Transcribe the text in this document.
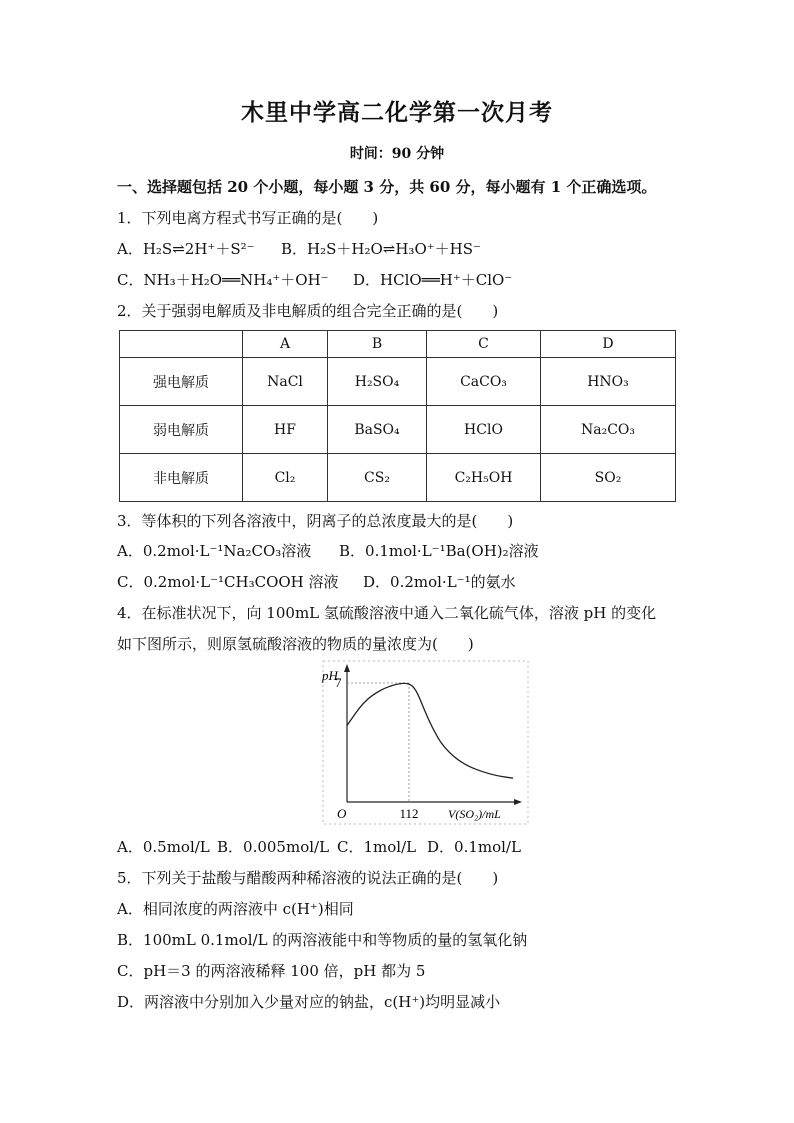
木里中学高二化学第一次月考
时间：90 分钟
一、选择题包括 20 个小题，每小题 3 分，共 60 分，每小题有 1 个正确选项。
1．下列电离方程式书写正确的是(　　)
A．H₂S⇌2H⁺＋S²⁻ B．H₂S＋H₂O⇌H₃O⁺＋HS⁻
C．NH₃＋H₂O══NH₄⁺＋OH⁻ D．HClO══H⁺＋ClO⁻
2．关于强弱电解质及非电解质的组合完全正确的是(　　)
	A	B	C	D
强电解质	NaCl	H₂SO₄	CaCO₃	HNO₃
弱电解质	HF	BaSO₄	HClO	Na₂CO₃
非电解质	Cl₂	CS₂	C₂H₅OH	SO₂
3．等体积的下列各溶液中，阴离子的总浓度最大的是(　　)
A．0.2mol·L⁻¹Na₂CO₃溶液 B．0.1mol·L⁻¹Ba(OH)₂溶液
C．0.2mol·L⁻¹CH₃COOH 溶液 D．0.2mol·L⁻¹的氨水
4．在标准状况下，向 100mL 氢硫酸溶液中通入二氧化硫气体，溶液 pH 的变化
如下图所示，则原氢硫酸溶液的物质的量浓度为(　　)
pH
7
O	112 V(SO₂)/mL
A．0.5mol/L B．0.005mol/L C．1mol/L D．0.1mol/L
5．下列关于盐酸与醋酸两种稀溶液的说法正确的是(　　)
A．相同浓度的两溶液中 c(H⁺)相同
B．100mL 0.1mol/L 的两溶液能中和等物质的量的氢氧化钠
C．pH＝3 的两溶液稀释 100 倍，pH 都为 5
D．两溶液中分别加入少量对应的钠盐，c(H⁺)均明显减小
